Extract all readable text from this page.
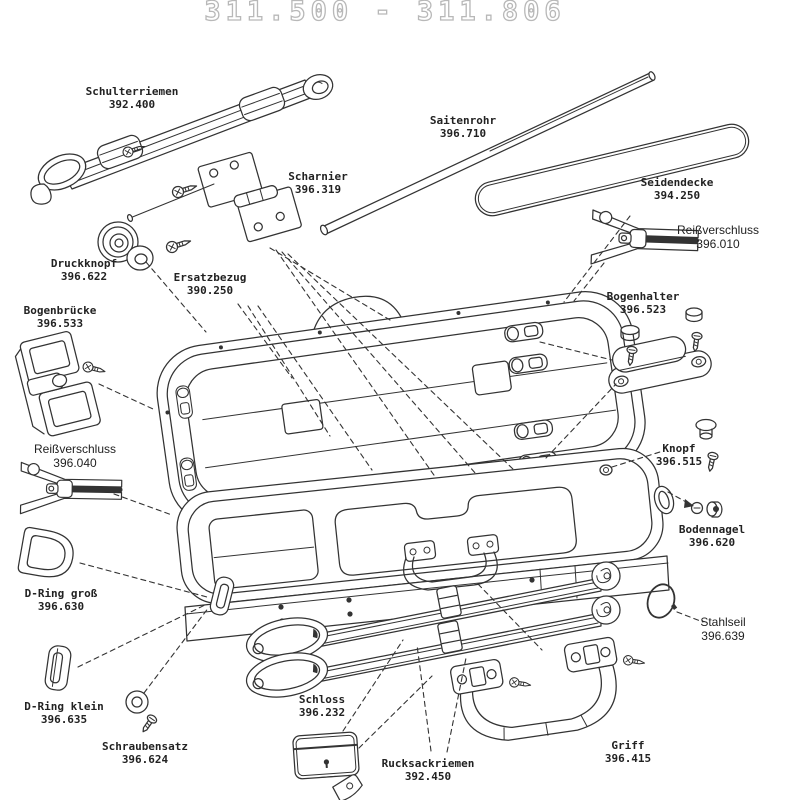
311.500 - 311.806
Schulterriemen
392.400
Saitenrohr
396.710
Scharnier
396.319
Seidendecke
394.250
Reißverschluss
396.010
Druckknopf
396.622	Ersatzbezug
390.250	Bogenhalter
396.523
Bogenbrücke
396.533
Reißverschluss
396.040
Knopf
396.515
Bodennagel
396.620
D-Ring groß
396.630
Stahlseil
396.639
D-Ring klein
396.635
Schloss
396.232
Schraubensatz
396.624	Rucksackriemen
392.450
Griff
396.415
